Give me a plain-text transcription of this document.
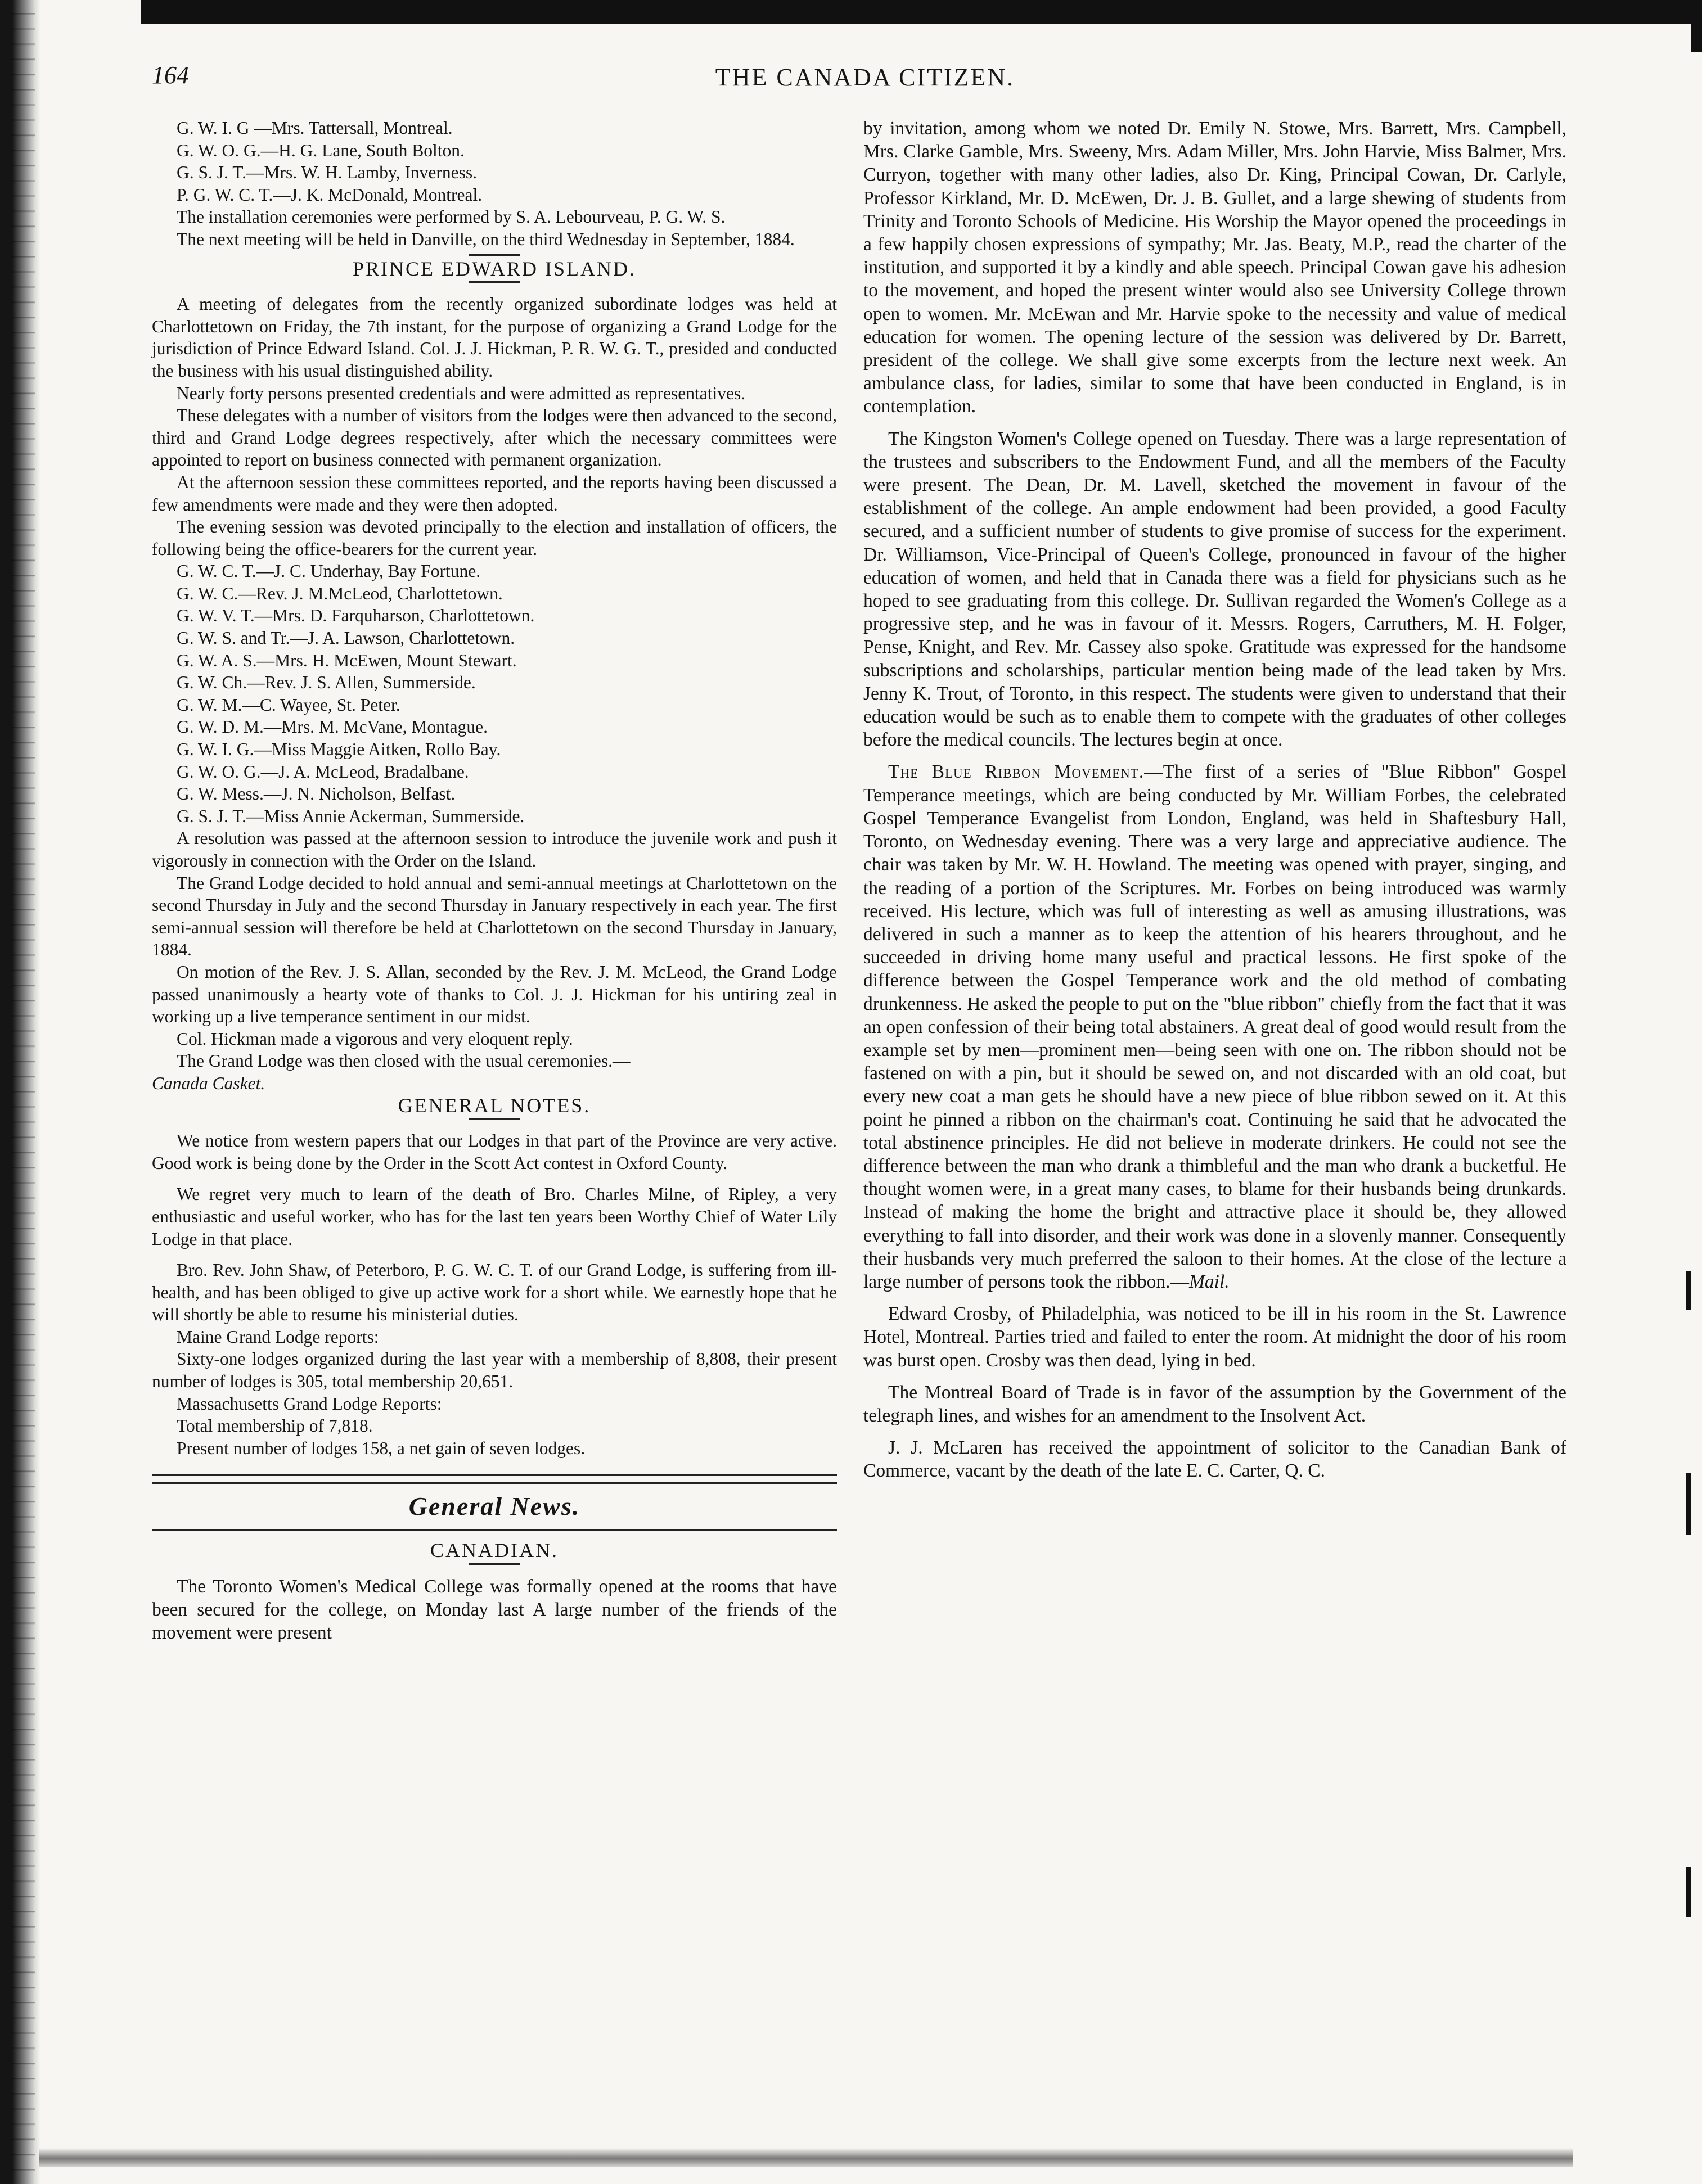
164	THE CANADA CITIZEN.

G. W. I. G —Mrs. Tattersall, Montreal.

G. W. O. G.—H. G. Lane, South Bolton.

G. S. J. T.—Mrs. W. H. Lamby, Inverness.

P. G. W. C. T.—J. K. McDonald, Montreal.

The installation ceremonies were performed by S. A. Lebourveau, P. G. W. S.

The next meeting will be held in Danville, on the third Wednesday in September, 1884.

PRINCE EDWARD ISLAND.

A meeting of delegates from the recently organized subordinate lodges was held at Charlottetown on Friday, the 7th instant, for the purpose of organizing a Grand Lodge for the jurisdiction of Prince Edward Island. Col. J. J. Hickman, P. R. W. G. T., presided and conducted the business with his usual distinguished ability.

Nearly forty persons presented credentials and were admitted as representatives.

These delegates with a number of visitors from the lodges were then advanced to the second, third and Grand Lodge degrees respectively, after which the necessary committees were appointed to report on business connected with permanent organization.

At the afternoon session these committees reported, and the reports having been discussed a few amendments were made and they were then adopted.

The evening session was devoted principally to the election and installation of officers, the following being the office-bearers for the current year.

G. W. C. T.—J. C. Underhay, Bay Fortune.

G. W. C.—Rev. J. M.McLeod, Charlottetown.

G. W. V. T.—Mrs. D. Farquharson, Charlottetown.

G. W. S. and Tr.—J. A. Lawson, Charlottetown.

G. W. A. S.—Mrs. H. McEwen, Mount Stewart.

G. W. Ch.—Rev. J. S. Allen, Summerside.

G. W. M.—C. Wayee, St. Peter.

G. W. D. M.—Mrs. M. McVane, Montague.

G. W. I. G.—Miss Maggie Aitken, Rollo Bay.

G. W. O. G.—J. A. McLeod, Bradalbane.

G. W. Mess.—J. N. Nicholson, Belfast.

G. S. J. T.—Miss Annie Ackerman, Summerside.

A resolution was passed at the afternoon session to introduce the juvenile work and push it vigorously in connection with the Order on the Island.

The Grand Lodge decided to hold annual and semi-annual meetings at Charlottetown on the second Thursday in July and the second Thursday in January respectively in each year. The first semi-annual session will therefore be held at Charlottetown on the second Thursday in January, 1884.

On motion of the Rev. J. S. Allan, seconded by the Rev. J. M. McLeod, the Grand Lodge passed unanimously a hearty vote of thanks to Col. J. J. Hickman for his untiring zeal in working up a live temperance sentiment in our midst.

Col. Hickman made a vigorous and very eloquent reply.

The Grand Lodge was then closed with the usual ceremonies.—

Canada Casket.

GENERAL NOTES.

We notice from western papers that our Lodges in that part of the Province are very active. Good work is being done by the Order in the Scott Act contest in Oxford County.

We regret very much to learn of the death of Bro. Charles Milne, of Ripley, a very enthusiastic and useful worker, who has for the last ten years been Worthy Chief of Water Lily Lodge in that place.

Bro. Rev. John Shaw, of Peterboro, P. G. W. C. T. of our Grand Lodge, is suffering from ill-health, and has been obliged to give up active work for a short while. We earnestly hope that he will shortly be able to resume his ministerial duties.

Maine Grand Lodge reports:

Sixty-one lodges organized during the last year with a membership of 8,808, their present number of lodges is 305, total membership 20,651.

Massachusetts Grand Lodge Reports:

Total membership of 7,818.

Present number of lodges 158, a net gain of seven lodges.

General News.

CANADIAN.

The Toronto Women's Medical College was formally opened at the rooms that have been secured for the college, on Monday last A large number of the friends of the movement were present

by invitation, among whom we noted Dr. Emily N. Stowe, Mrs. Barrett, Mrs. Campbell, Mrs. Clarke Gamble, Mrs. Sweeny, Mrs. Adam Miller, Mrs. John Harvie, Miss Balmer, Mrs. Curryon, together with many other ladies, also Dr. King, Principal Cowan, Dr. Carlyle, Professor Kirkland, Mr. D. McEwen, Dr. J. B. Gullet, and a large shewing of students from Trinity and Toronto Schools of Medicine. His Worship the Mayor opened the proceedings in a few happily chosen expressions of sympathy; Mr. Jas. Beaty, M.P., read the charter of the institution, and supported it by a kindly and able speech. Principal Cowan gave his adhesion to the movement, and hoped the present winter would also see University College thrown open to women. Mr. McEwan and Mr. Harvie spoke to the necessity and value of medical education for women. The opening lecture of the session was delivered by Dr. Barrett, president of the college. We shall give some excerpts from the lecture next week. An ambulance class, for ladies, similar to some that have been conducted in England, is in contemplation.

The Kingston Women's College opened on Tuesday. There was a large representation of the trustees and subscribers to the Endowment Fund, and all the members of the Faculty were present. The Dean, Dr. M. Lavell, sketched the movement in favour of the establishment of the college. An ample endowment had been provided, a good Faculty secured, and a sufficient number of students to give promise of success for the experiment. Dr. Williamson, Vice-Principal of Queen's College, pronounced in favour of the higher education of women, and held that in Canada there was a field for physicians such as he hoped to see graduating from this college. Dr. Sullivan regarded the Women's College as a progressive step, and he was in favour of it. Messrs. Rogers, Carruthers, M. H. Folger, Pense, Knight, and Rev. Mr. Cassey also spoke. Gratitude was expressed for the handsome subscriptions and scholarships, particular mention being made of the lead taken by Mrs. Jenny K. Trout, of Toronto, in this respect. The students were given to understand that their education would be such as to enable them to compete with the graduates of other colleges before the medical councils. The lectures begin at once.

The Blue Ribbon Movement.—The first of a series of "Blue Ribbon" Gospel Temperance meetings, which are being conducted by Mr. William Forbes, the celebrated Gospel Temperance Evangelist from London, England, was held in Shaftesbury Hall, Toronto, on Wednesday evening. There was a very large and appreciative audience. The chair was taken by Mr. W. H. Howland. The meeting was opened with prayer, singing, and the reading of a portion of the Scriptures. Mr. Forbes on being introduced was warmly received. His lecture, which was full of interesting as well as amusing illustrations, was delivered in such a manner as to keep the attention of his hearers throughout, and he succeeded in driving home many useful and practical lessons. He first spoke of the difference between the Gospel Temperance work and the old method of combating drunkenness. He asked the people to put on the "blue ribbon" chiefly from the fact that it was an open confession of their being total abstainers. A great deal of good would result from the example set by men—prominent men—being seen with one on. The ribbon should not be fastened on with a pin, but it should be sewed on, and not discarded with an old coat, but every new coat a man gets he should have a new piece of blue ribbon sewed on it. At this point he pinned a ribbon on the chairman's coat. Continuing he said that he advocated the total abstinence principles. He did not believe in moderate drinkers. He could not see the difference between the man who drank a thimbleful and the man who drank a bucketful. He thought women were, in a great many cases, to blame for their husbands being drunkards. Instead of making the home the bright and attractive place it should be, they allowed everything to fall into disorder, and their work was done in a slovenly manner. Consequently their husbands very much preferred the saloon to their homes. At the close of the lecture a large number of persons took the ribbon.—Mail.

Edward Crosby, of Philadelphia, was noticed to be ill in his room in the St. Lawrence Hotel, Montreal. Parties tried and failed to enter the room. At midnight the door of his room was burst open. Crosby was then dead, lying in bed.

The Montreal Board of Trade is in favor of the assumption by the Government of the telegraph lines, and wishes for an amendment to the Insolvent Act.

J. J. McLaren has received the appointment of solicitor to the Canadian Bank of Commerce, vacant by the death of the late E. C. Carter, Q. C.
